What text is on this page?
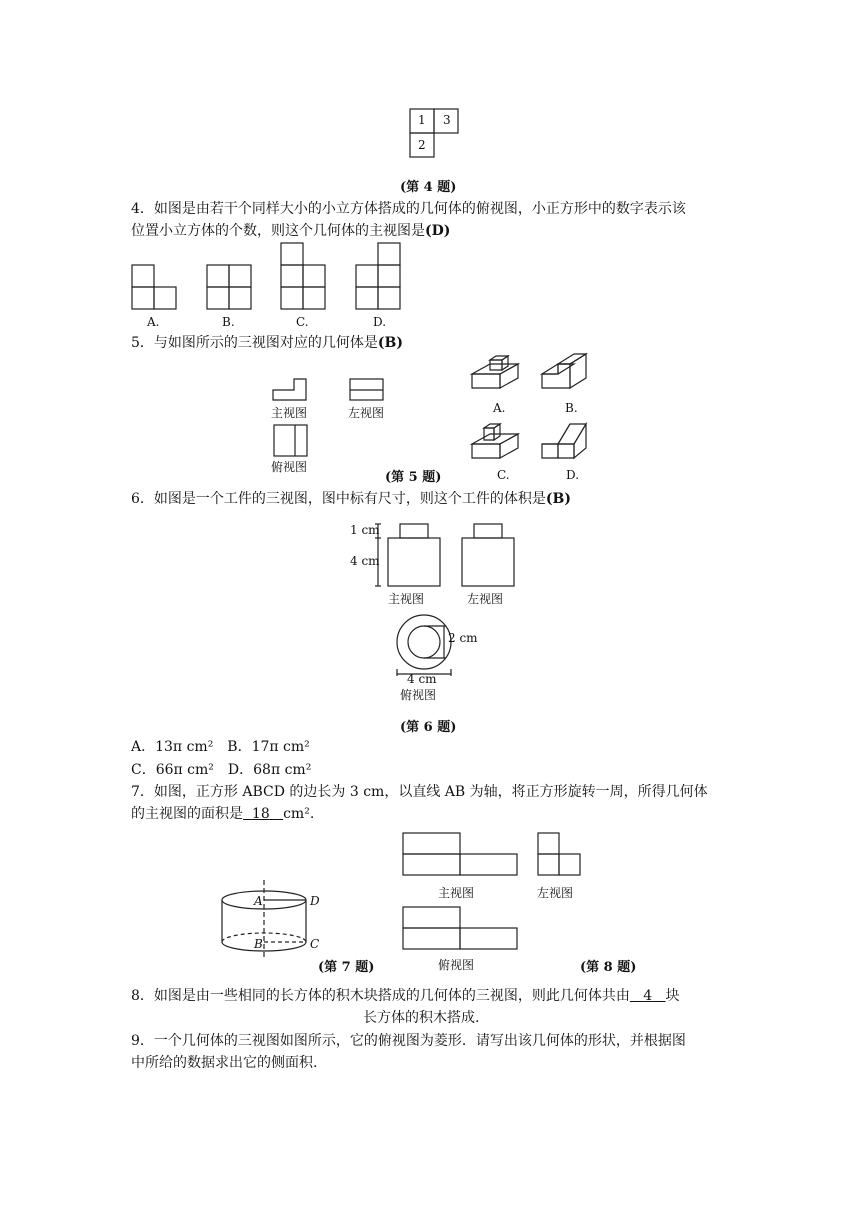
1 3
2
(第 4 题)
4．如图是由若干个同样大小的小立方体搭成的几何体的俯视图，小正方形中的数字表示该
位置小立方体的个数，则这个几何体的主视图是(D)
A.	B.	C.	D.
5．与如图所示的三视图对应的几何体是(B)
主视图	左视图
俯视图
(第 5 题)
A.	B.
C.	D.
6．如图是一个工件的三视图，图中标有尺寸，则这个工件的体积是(B)
1 cm
4 cm
主视图	左视图
2 cm
4 cm
俯视图
(第 6 题)
A．13π cm²　B．17π cm²
C．66π cm²　D．68π cm²
7．如图，正方形 ABCD 的边长为 3 cm，以直线 AB 为轴，将正方形旋转一周，所得几何体
的主视图的面积是 18 cm².
A	D
B	C
(第 7 题)
主视图	左视图
俯视图	(第 8 题)
8．如图是由一些相同的长方体的积木块搭成的几何体的三视图，则此几何体共由 4 块
长方体的积木搭成.
9．一个几何体的三视图如图所示，它的俯视图为菱形．请写出该几何体的形状，并根据图
中所给的数据求出它的侧面积.
